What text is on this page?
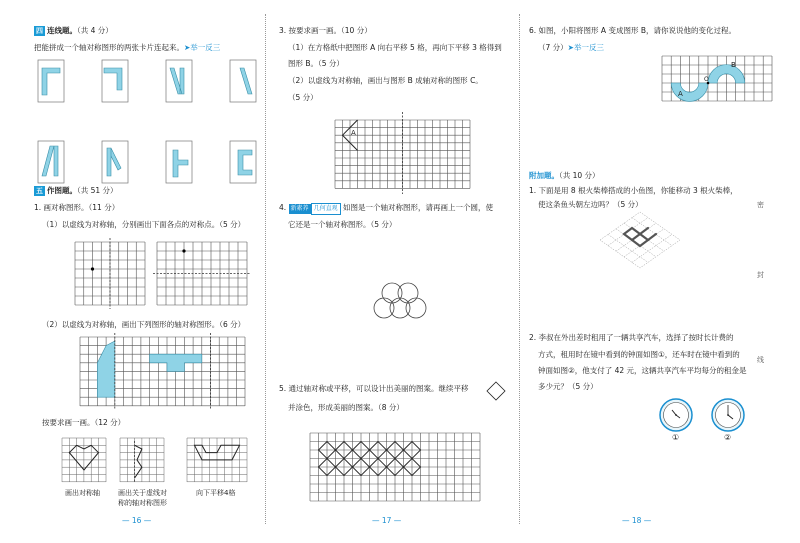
四 连线题。（共 4 分）
把能拼成一个轴对称图形的两张卡片连起来。➤举一反三
五 作图题。（共 51 分）
1. 画对称图形。（11 分）
（1）以虚线为对称轴，分别画出下面各点的对称点。（5 分）
（2）以虚线为对称轴，画出下列图形的轴对称图形。（6 分）
按要求画一画。（12 分）
画出对称轴	画出关于虚线对
称的轴对称图形
向下平移4格
— 16 —
3. 按要求画一画。（10 分）
（1）在方格纸中把图形 A 向右平移 5 格，再向下平移 3 格得到
图形 B。（5 分）
（2）以虚线为对称轴，画出与图形 B 成轴对称的图形 C。
（5 分）
A
4. 新素养 几何直观 如图是一个轴对称图形，请再画上一个圆，使
它还是一个轴对称图形。（5 分）
5. 通过轴对称或平移，可以设计出美丽的图案。继续平移
并涂色，形成美丽的图案。（8 分）
— 17 —
6. 如图，小阳将图形 A 变成图形 B，请你说说他的变化过程。
（7 分）➤举一反三
A
B
O
附加题。（共 10 分）
1. 下面是用 8 根火柴棒搭成的小鱼图，你能移动 3 根火柴棒，
使这条鱼头朝左边吗？（5 分）
2. 李叔在外出差时租用了一辆共享汽车，选择了按时长计费的
方式，租用时在镜中看到的钟面如图①，还车时在镜中看到的
钟面如图②，他支付了 42 元，这辆共享汽车平均每分的租金是
多少元？（5 分）
①	②
密
封
线
— 18 —
